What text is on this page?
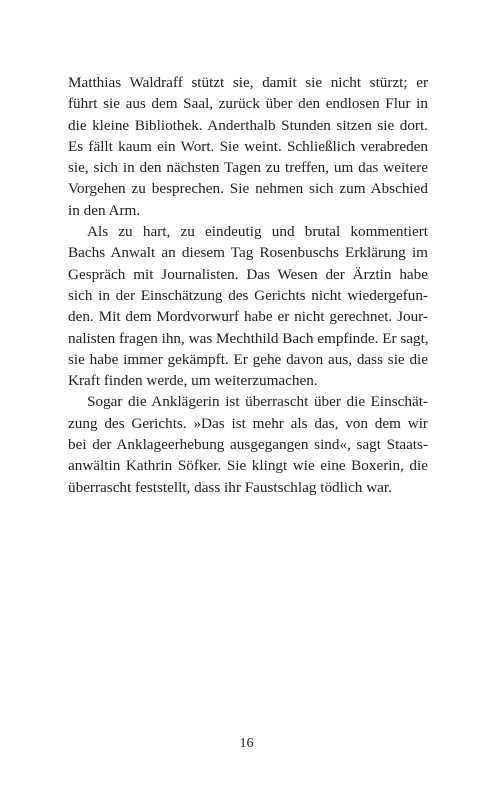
Matthias Waldraff stützt sie, damit sie nicht stürzt; er
führt sie aus dem Saal, zurück über den endlosen Flur in
die kleine Bibliothek. Anderthalb Stunden sitzen sie dort.
Es fällt kaum ein Wort. Sie weint. Schließlich verabreden
sie, sich in den nächsten Tagen zu treffen, um das weitere
Vorgehen zu besprechen. Sie nehmen sich zum Abschied
in den Arm.
Als zu hart, zu eindeutig und brutal kommentiert
Bachs Anwalt an diesem Tag Rosenbuschs Erklärung im
Gespräch mit Journalisten. Das Wesen der Ärztin habe
sich in der Einschätzung des Gerichts nicht wiedergefun-
den. Mit dem Mordvorwurf habe er nicht gerechnet. Jour-
nalisten fragen ihn, was Mechthild Bach empfinde. Er sagt,
sie habe immer gekämpft. Er gehe davon aus, dass sie die
Kraft finden werde, um weiterzumachen.
Sogar die Anklägerin ist überrascht über die Einschät-
zung des Gerichts. »Das ist mehr als das, von dem wir
bei der Anklageerhebung ausgegangen sind«, sagt Staats-
anwältin Kathrin Söfker. Sie klingt wie eine Boxerin, die
überrascht feststellt, dass ihr Faustschlag tödlich war.
16
